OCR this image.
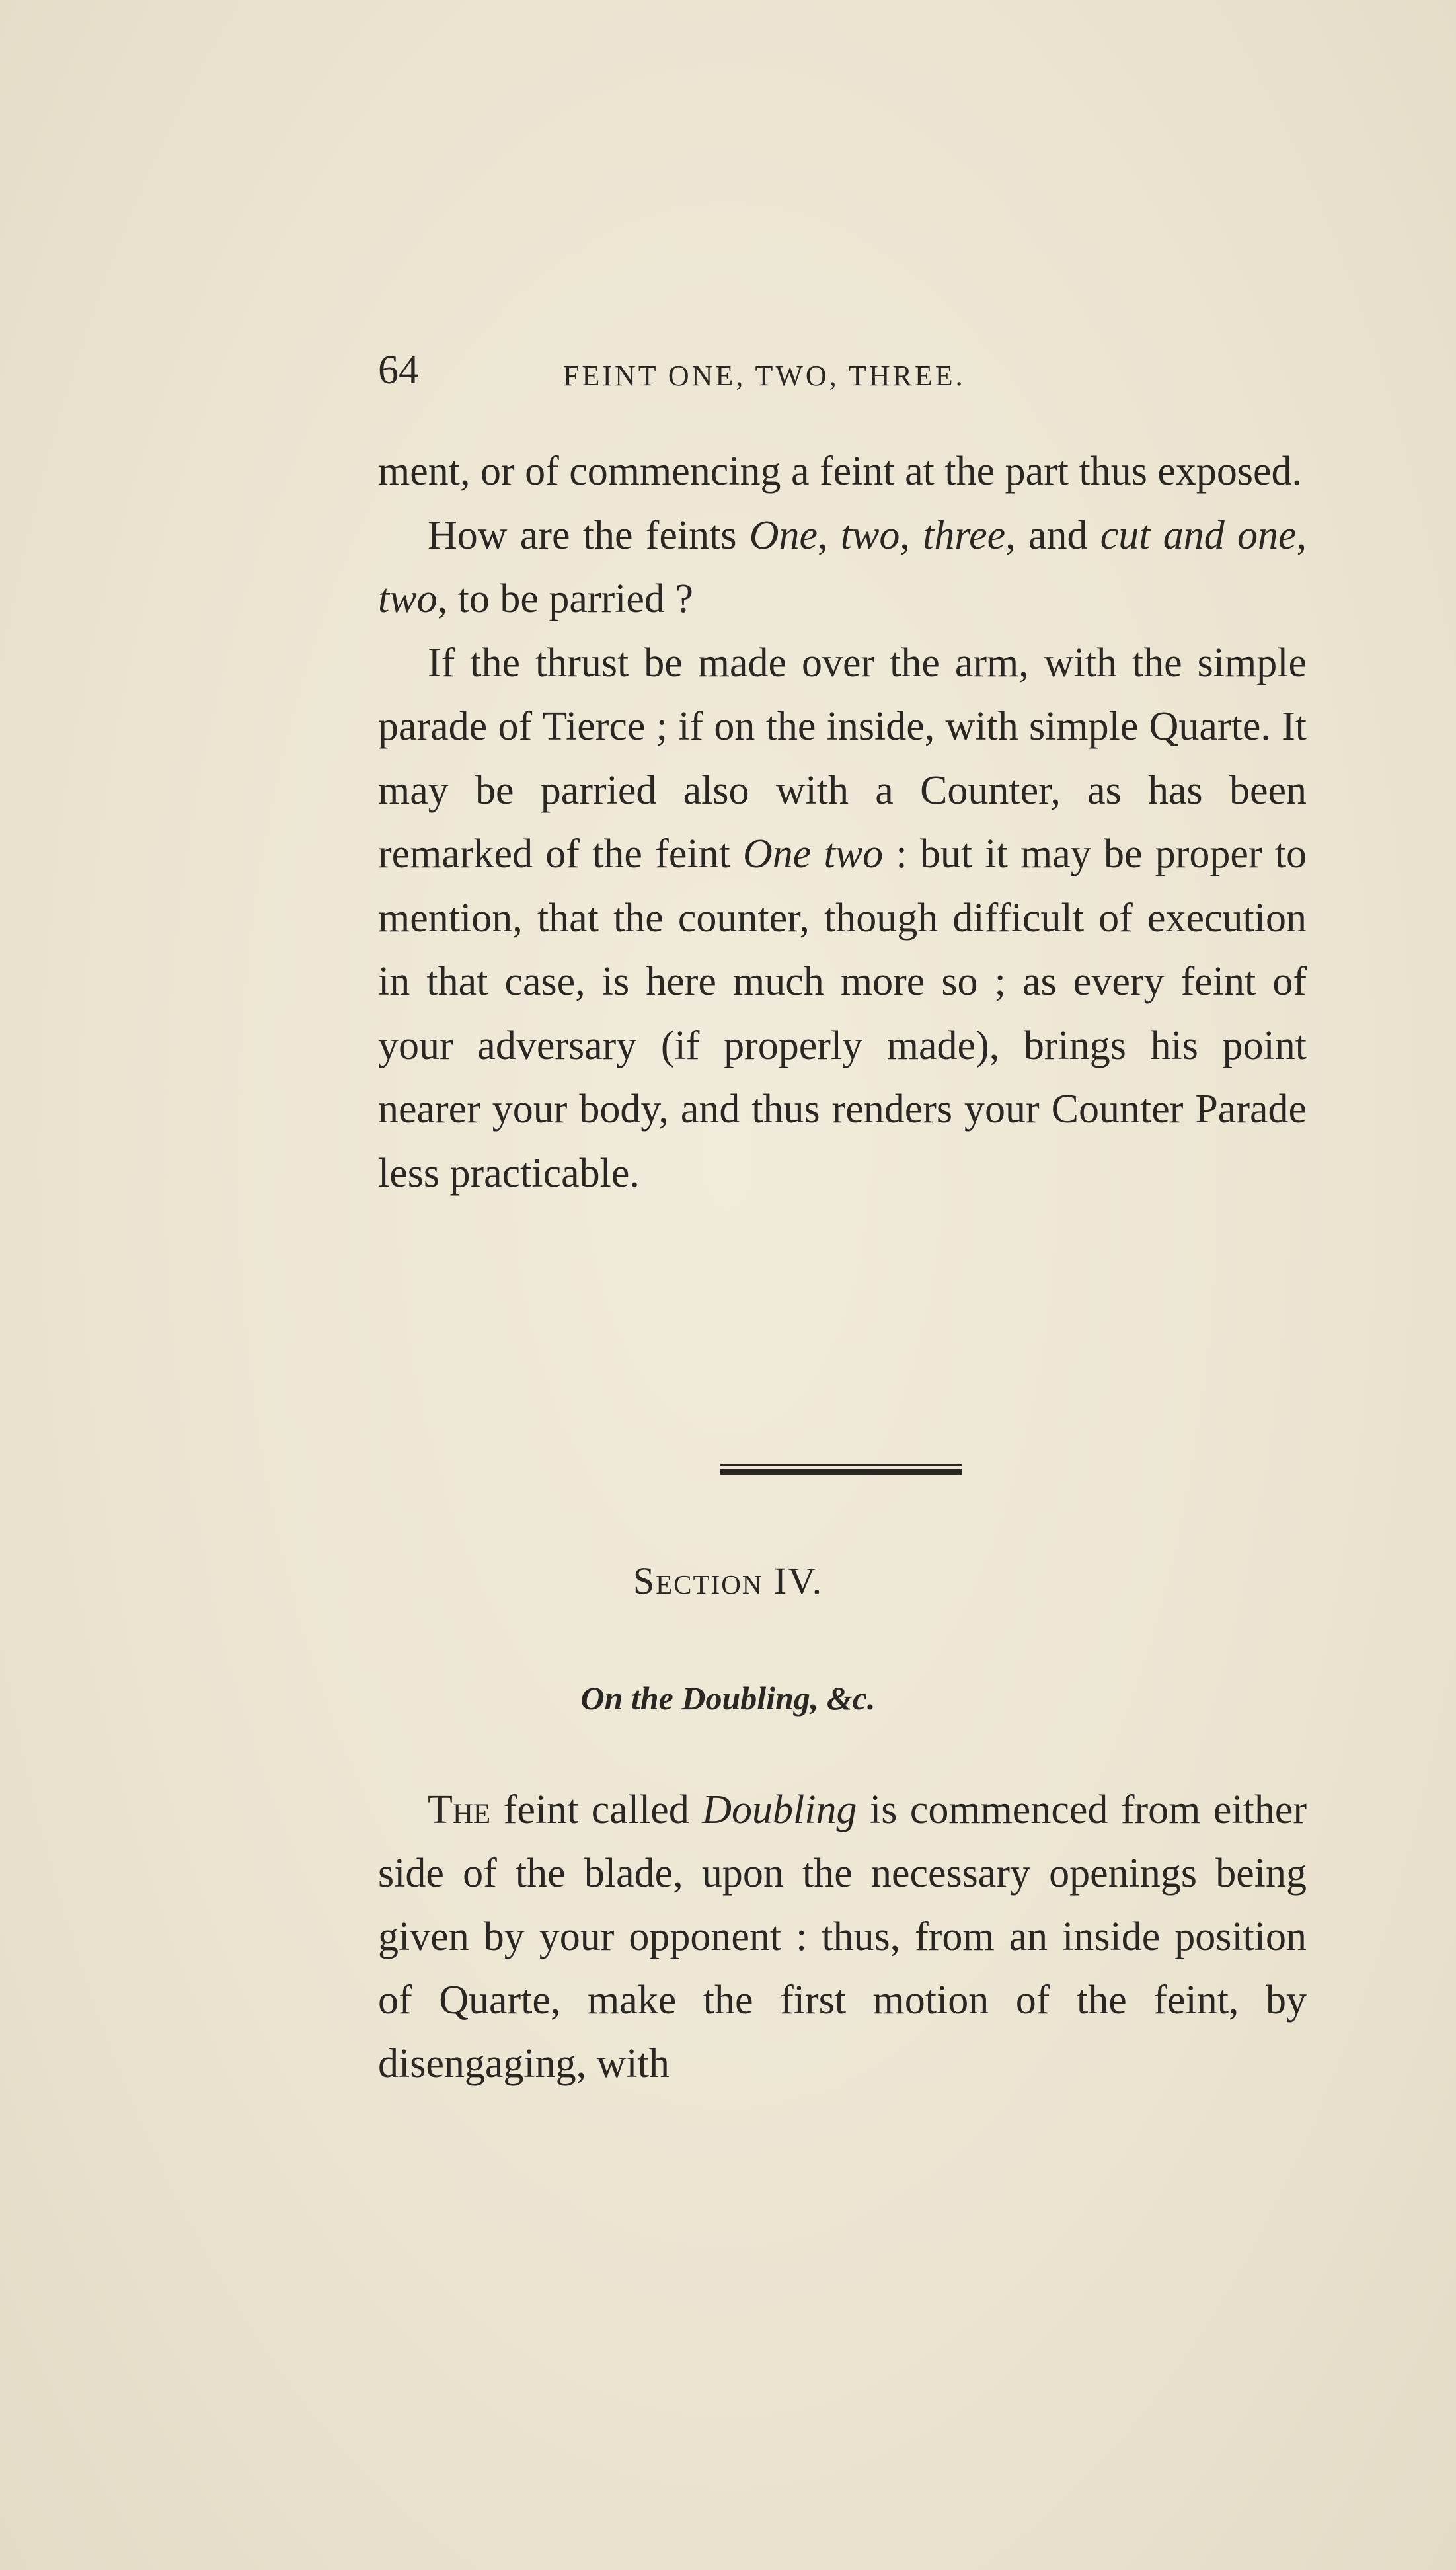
64	FEINT ONE, TWO, THREE.

ment, or of commencing a feint at the part thus exposed.

How are the feints One, two, three, and cut and one, two, to be parried ?

If the thrust be made over the arm, with the simple parade of Tierce ; if on the inside, with simple Quarte. It may be parried also with a Counter, as has been remarked of the feint One two : but it may be proper to mention, that the counter, though difficult of execution in that case, is here much more so ; as every feint of your adversary (if properly made), brings his point nearer your body, and thus renders your Counter Parade less practicable.

Section IV.
On the Doubling, &c.

The feint called Doubling is commenced from either side of the blade, upon the necessary openings being given by your opponent : thus, from an inside position of Quarte, make the first motion of the feint, by disengaging, with
